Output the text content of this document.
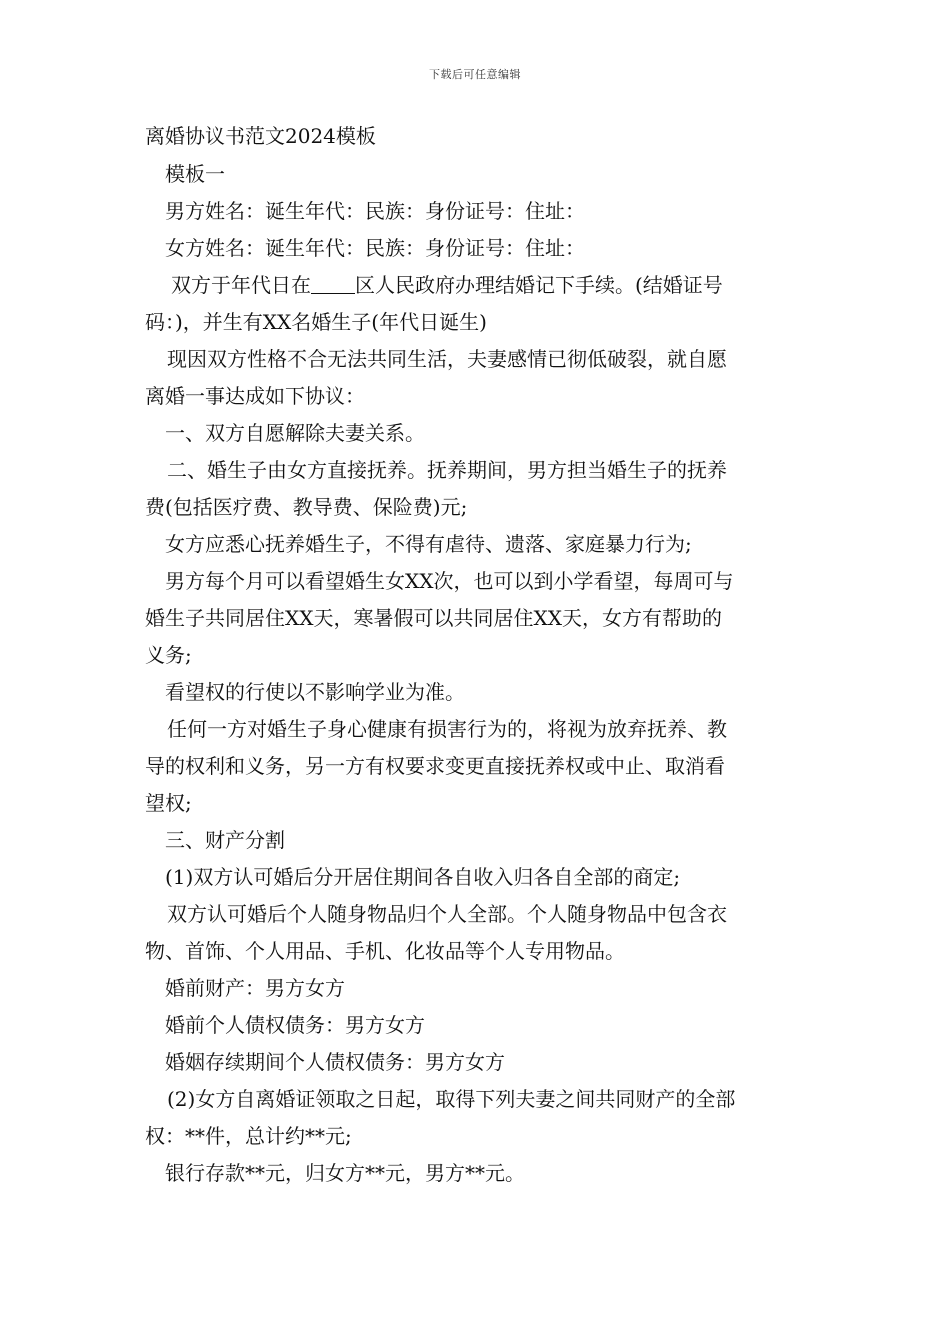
下载后可任意编辑
离婚协议书范文2024模板
模板一
男方姓名：诞生年代：民族：身份证号：住址：
女方姓名：诞生年代：民族：身份证号：住址：
双方于年代日在 区人民政府办理结婚记下手续。(结婚证号
码：)，并生有XX名婚生子(年代日诞生)
现因双方性格不合无法共同生活，夫妻感情已彻低破裂，就自愿
离婚一事达成如下协议：
一、双方自愿解除夫妻关系。
二、婚生子由女方直接抚养。抚养期间，男方担当婚生子的抚养
费(包括医疗费、教导费、保险费)元;
女方应悉心抚养婚生子，不得有虐待、遗落、家庭暴力行为;
男方每个月可以看望婚生女XX次，也可以到小学看望，每周可与
婚生子共同居住XX天，寒暑假可以共同居住XX天，女方有帮助的
义务;
看望权的行使以不影响学业为准。
任何一方对婚生子身心健康有损害行为的，将视为放弃抚养、教
导的权利和义务，另一方有权要求变更直接抚养权或中止、取消看
望权;
三、财产分割
(1)双方认可婚后分开居住期间各自收入归各自全部的商定;
双方认可婚后个人随身物品归个人全部。个人随身物品中包含衣
物、首饰、个人用品、手机、化妆品等个人专用物品。
婚前财产：男方女方
婚前个人债权债务：男方女方
婚姻存续期间个人债权债务：男方女方
(2)女方自离婚证领取之日起，取得下列夫妻之间共同财产的全部
权：**件，总计约**元;
银行存款**元，归女方**元，男方**元。
